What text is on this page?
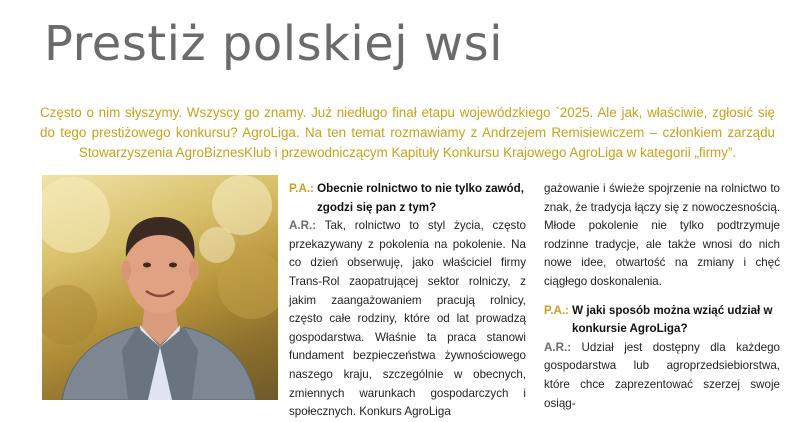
Prestiż polskiej wsi

Często o nim słyszymy. Wszyscy go znamy. Już niedługo finał etapu wojewódzkiego `2025. Ale jak, właściwie, zgłosić się do tego prestiżowego konkursu? AgroLiga. Na ten temat rozmawiamy z Andrzejem Remisiewiczem – członkiem zarządu Stowarzyszenia AgroBiznesKlub i przewodniczącym Kapituły Konkursu Krajowego AgroLiga w kategorii „firmy”.

P.A.: Obecnie rolnictwo to nie tylko zawód, zgodzi się pan z tym?

A.R.: Tak, rolnictwo to styl życia, często przekazywany z pokolenia na pokolenie. Na co dzień obserwuję, jako właściciel firmy Trans-Rol zaopatrującej sektor rolniczy, z jakim zaangażowaniem pracują rolnicy, często całe rodziny, które od lat prowadzą gospodarstwa. Właśnie ta praca stanowi fundament bezpieczeństwa żywnościowego naszego kraju, szczególnie w obecnych, zmiennych warunkach gospodarczych i społecznych. Konkurs AgroLiga

gażowanie i świeże spojrzenie na rolnictwo to znak, że tradycja łączy się z nowoczesnością. Młode pokolenie nie tylko podtrzymuje rodzinne tradycje, ale także wnosi do nich nowe idee, otwartość na zmiany i chęć ciągłego doskonalenia.

P.A.: W jaki sposób można wziąć udział w konkursie AgroLiga?

A.R.: Udział jest dostępny dla każdego gospodarstwa lub agroprzedsiebiorstwa, które chce zaprezentować szerzej swoje osiąg-
